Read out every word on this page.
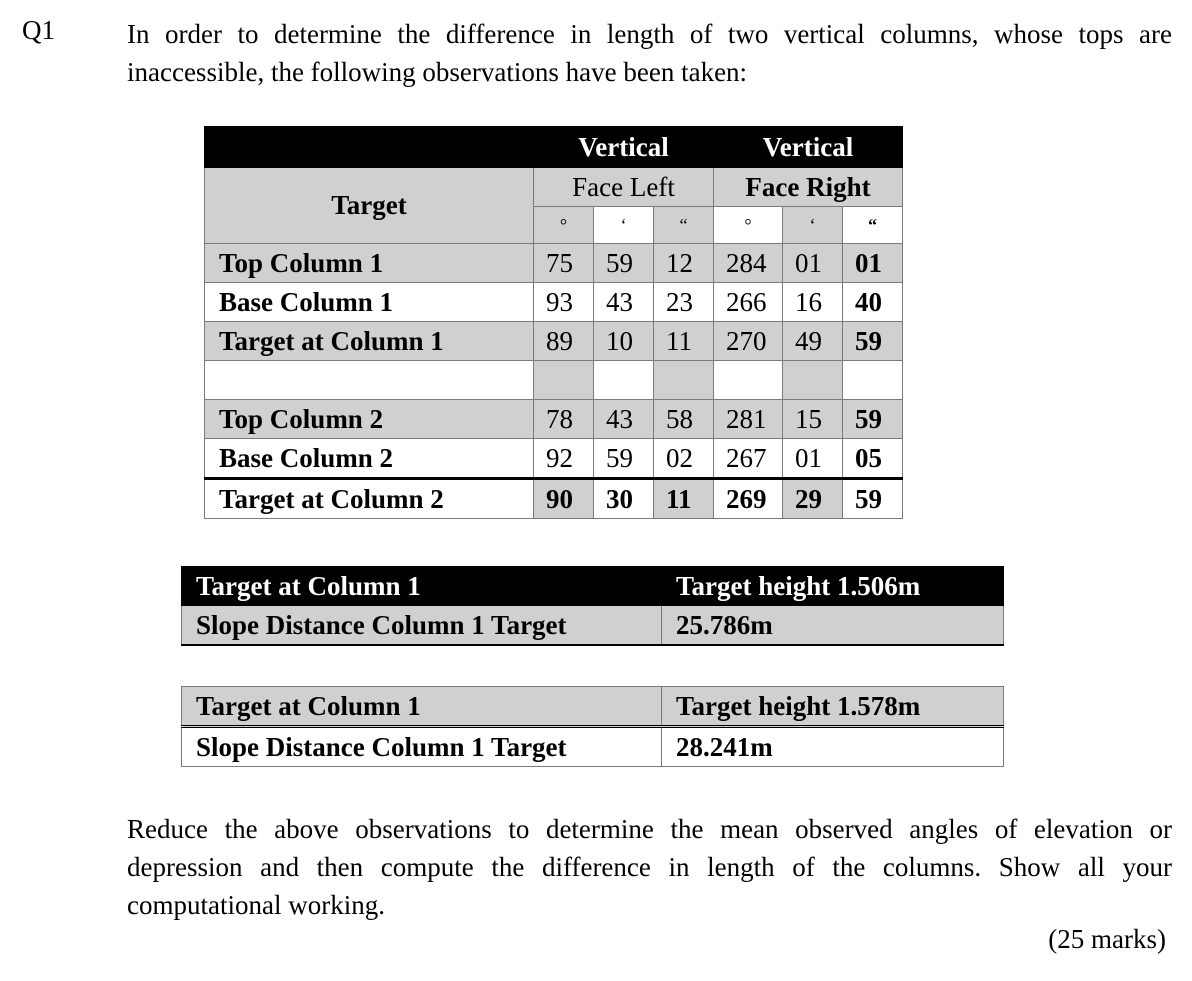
Q1	In order to determine the difference in length of two vertical columns, whose tops are inaccessible, the following observations have been taken:
	Vertical			Vertical		
Target	Face Left			Face Right		
	°	‘	“	°	‘	“
Top Column 1	75	59	12	284	01	01
Base Column 1	93	43	23	266	16	40
Target at Column 1	89	10	11	270	49	59

Top Column 2	78	43	58	281	15	59
Base Column 2	92	59	02	267	01	05
Target at Column 2	90	30	11	269	29	59
Target at Column 1	Target height 1.506m
Slope Distance Column 1 Target	25.786m
Target at Column 1	Target height 1.578m
Slope Distance Column 1 Target	28.241m
Reduce the above observations to determine the mean observed angles of elevation or depression and then compute the difference in length of the columns. Show all your computational working.
(25 marks)
